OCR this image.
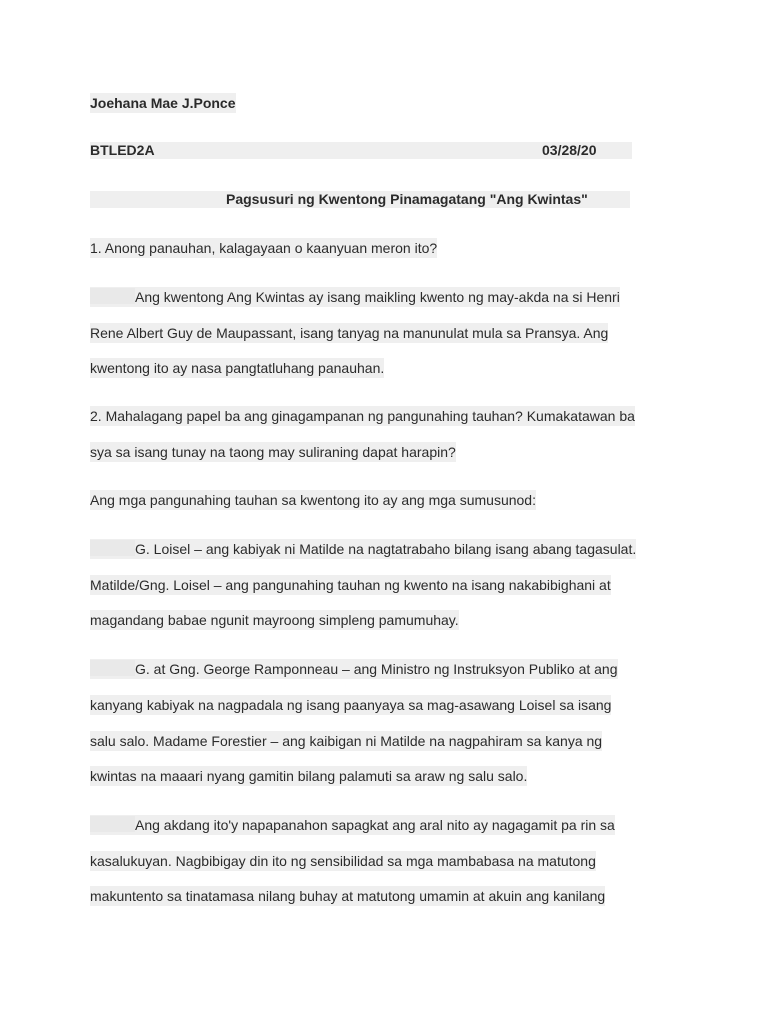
Joehana Mae J.Ponce
BTLED2A	03/28/20
Pagsusuri ng Kwentong Pinamagatang "Ang Kwintas"
1. Anong panauhan, kalagayaan o kaanyuan meron ito?
Ang kwentong Ang Kwintas ay isang maikling kwento ng may-akda na si Henri
Rene Albert Guy de Maupassant, isang tanyag na manunulat mula sa Pransya. Ang
kwentong ito ay nasa pangtatluhang panauhan.
2. Mahalagang papel ba ang ginagampanan ng pangunahing tauhan? Kumakatawan ba
sya sa isang tunay na taong may suliraning dapat harapin?
Ang mga pangunahing tauhan sa kwentong ito ay ang mga sumusunod:
G. Loisel – ang kabiyak ni Matilde na nagtatrabaho bilang isang abang tagasulat.
Matilde/Gng. Loisel – ang pangunahing tauhan ng kwento na isang nakabibighani at
magandang babae ngunit mayroong simpleng pamumuhay.
G. at Gng. George Ramponneau – ang Ministro ng Instruksyon Publiko at ang
kanyang kabiyak na nagpadala ng isang paanyaya sa mag-asawang Loisel sa isang
salu salo. Madame Forestier – ang kaibigan ni Matilde na nagpahiram sa kanya ng
kwintas na maaari nyang gamitin bilang palamuti sa araw ng salu salo.
Ang akdang ito'y napapanahon sapagkat ang aral nito ay nagagamit pa rin sa
kasalukuyan. Nagbibigay din ito ng sensibilidad sa mga mambabasa na matutong
makuntento sa tinatamasa nilang buhay at matutong umamin at akuin ang kanilang
